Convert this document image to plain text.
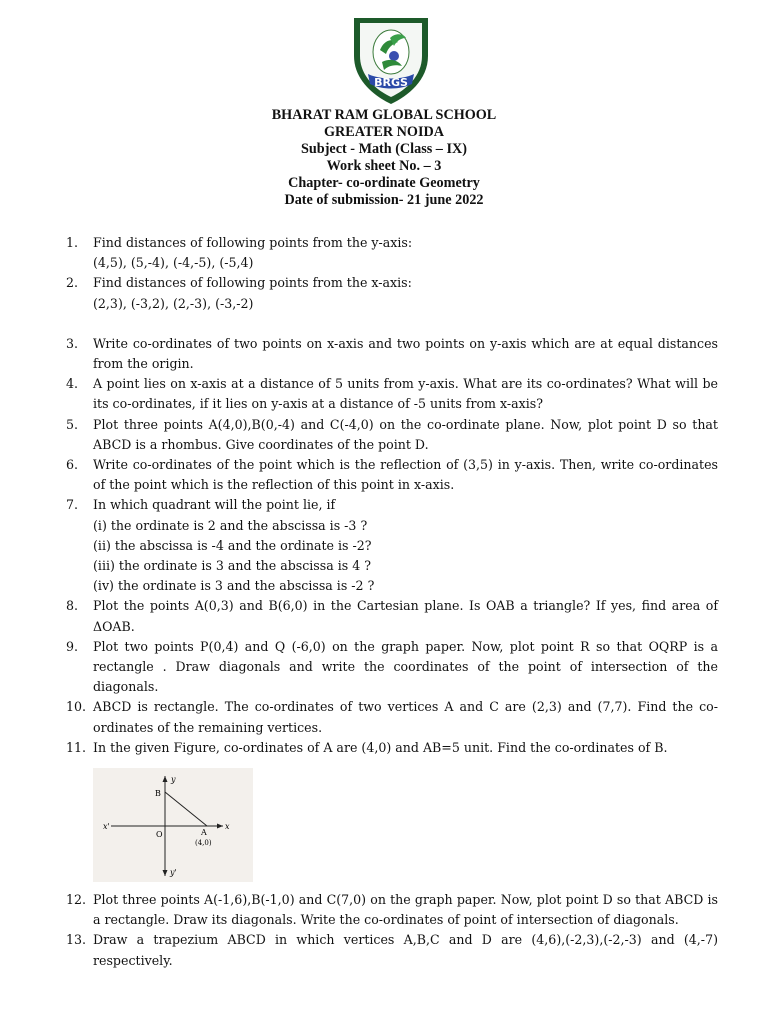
BRGS
BHARAT RAM GLOBAL SCHOOL
GREATER NOIDA
Subject - Math (Class – IX)
Work sheet No. – 3
Chapter- co-ordinate Geometry
Date of submission- 21 june 2022
1. Find distances of following points from the y-axis:
(4,5), (5,-4), (-4,-5), (-5,4)
2. Find distances of following points from the x-axis:
(2,3), (-3,2), (2,-3), (-3,-2)
3. Write co-ordinates of two points on x-axis and two points on y-axis which are at equal distances from the origin.
4. A point lies on x-axis at a distance of 5 units from y-axis. What are its co-ordinates? What will be its co-ordinates, if it lies on y-axis at a distance of -5 units from x-axis?
5. Plot three points A(4,0),B(0,-4) and C(-4,0) on the co-ordinate plane. Now, plot point D so that ABCD is a rhombus. Give coordinates of the point D.
6. Write co-ordinates of the point which is the reflection of (3,5) in y-axis. Then, write co-ordinates of the point which is the reflection of this point in x-axis.
7. In which quadrant will the point lie, if
(i) the ordinate is 2 and the abscissa is -3 ?
(ii) the abscissa is -4 and the ordinate is -2?
(iii) the ordinate is 3 and the abscissa is 4 ?
(iv) the ordinate is 3 and the abscissa is -2 ?
8. Plot the points A(0,3) and B(6,0) in the Cartesian plane. Is OAB a triangle? If yes, find area of ΔOAB.
9. Plot two points P(0,4) and Q (-6,0) on the graph paper. Now, plot point R so that OQRP is a rectangle . Draw diagonals and write the coordinates of the point of intersection of the diagonals.
10. ABCD is rectangle. The co-ordinates of two vertices A and C are (2,3) and (7,7). Find the co-ordinates of the remaining vertices.
11. In the given Figure, co-ordinates of A are (4,0) and AB=5 unit. Find the co-ordinates of B.
B
y
x'	x
O	A
(4,0)
y'
12. Plot three points A(-1,6),B(-1,0) and C(7,0) on the graph paper. Now, plot point D so that ABCD is a rectangle. Draw its diagonals. Write the co-ordinates of point of intersection of diagonals.
13. Draw a trapezium ABCD in which vertices A,B,C and D are (4,6),(-2,3),(-2,-3) and (4,-7) respectively.
